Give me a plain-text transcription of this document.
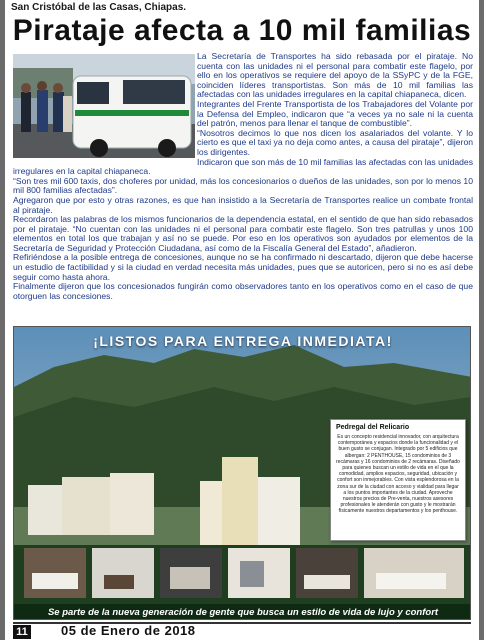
San Cristóbal de las Casas, Chiapas.
Pirataje afecta a 10 mil familias

La Secretaría de Transportes ha sido rebasada por el pirataje. No cuenta con las unidades ni el personal para combatir este flagelo, por ello en los operativos se requiere del apoyo de la SSyPC y de la FGE, coinciden líderes transportistas. Son más de 10 mil familias las afectadas con las unidades irregulares en la capital chiapaneca, dicen.

Integrantes del Frente Transportista de los Trabajadores del Volante por la Defensa del Empleo, indicaron que “a veces ya no sale ni la cuenta del patrón, menos para llenar el tanque de combustible”.

“Nosotros decimos lo que nos dicen los asalariados del volante. Y lo cierto es que el taxi ya no deja como antes, a causa del pirataje”, dijeron los dirigentes.

Indicaron que son más de 10 mil familias las afectadas con las unidades irregulares en la capital chiapaneca.

“Son tres mil 600 taxis, dos choferes por unidad, más los concesionarios o dueños de las unidades, son por lo menos 10 mil 800 familias afectadas”.

Agregaron que por esto y otras razones, es que han insistido a la Secretaría de Transportes realice un combate frontal al pirataje.

Recordaron las palabras de los mismos funcionarios de la dependencia estatal, en el sentido de que han sido rebasados por el pirataje. “No cuentan con las unidades ni el personal para combatir este flagelo. Son tres patrullas y unos 100 elementos en total los que trabajan y así no se puede. Por eso en los operativos son ayudados por elementos de la Secretaría de Seguridad y Protección Ciudadana, así como de la Fiscalía General del Estado”, añadieron.

Refiriéndose a la posible entrega de concesiones, aunque no se ha confirmado ni descartado, dijeron que debe hacerse un estudio de factibilidad y si la ciudad en verdad necesita más unidades, pues que se autoricen, pero si no es así debe seguir como hasta ahora.

Finalmente dijeron que los concesionados fungirán como observadores tanto en los operativos como en el caso de que otorguen las concesiones.

¡LISTOS PARA ENTREGA INMEDIATA!
Pedregal del Relicario
Es un concepto residencial innovador, con arquitectura contemporánea y espacios donde la funcionalidad y el buen gusto se conjugan. Integrado por 5 edificios que albergan: 2 PENTHOUSE, 15 condominios de 3 recámaras y 16 condominios de 2 recámaras. Diseñado para quienes buscan un estilo de vida en el que la comodidad, amplios espacios, seguridad, ubicación y confort son inmejorables. Con vista esplendorosa en la zona sur de la ciudad con acceso y vialidad para llegar a los puntos importantes de la ciudad. Aproveche nuestros precios de Pre-venta, nuestros asesores profesionales le atenderán con gusto y le mostrarán físicamente nuestros departamentos y los penthouse.
Se parte de la nueva generación de gente que busca un estilo de vida de lujo y confort
11	05 de Enero de 2018
